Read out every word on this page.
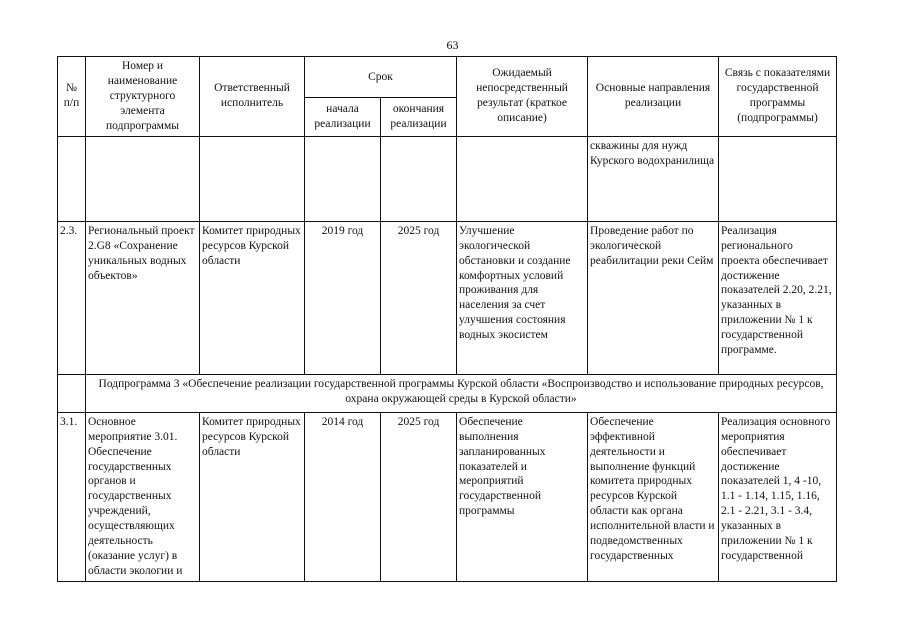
63
№ п/п	Номер и наименование структурного элемента подпрограммы	Ответственный исполнитель	Срок		Ожидаемый непосредственный результат (краткое описание)	Основные направления реализации	Связь с показателями государственной программы (подпрограммы)
			начала реализации	окончания реализации			
						скважины для нужд Курского водохранилища	
2.3.	Региональный проект 2.G8 «Сохранение уникальных водных объектов»	Комитет природных ресурсов Курской области	2019 год	2025 год	Улучшение экологической обстановки и создание комфортных условий проживания для населения за счет улучшения состояния водных экосистем	Проведение работ по экологической реабилитации реки Сейм	Реализация регионального проекта обеспечивает достижение показателей 2.20, 2.21, указанных в приложении № 1 к государственной программе.
	Подпрограмма 3 «Обеспечение реализации государственной программы Курской области «Воспроизводство и использование природных ресурсов, охрана окружающей среды в Курской области»						
3.1.	Основное мероприятие 3.01. Обеспечение государственных органов и государственных учреждений, осуществляющих деятельность (оказание услуг) в области экологии и	Комитет природных ресурсов Курской области	2014 год	2025 год	Обеспечение выполнения запланированных показателей и мероприятий государственной программы	Обеспечение эффективной деятельности и выполнение функций комитета природных ресурсов Курской области как органа исполнительной власти и подведомственных государственных	Реализация основного мероприятия обеспечивает достижение показателей 1, 4 -10, 1.1 - 1.14, 1.15, 1.16, 2.1 - 2.21, 3.1 - 3.4, указанных в приложении № 1 к государственной
